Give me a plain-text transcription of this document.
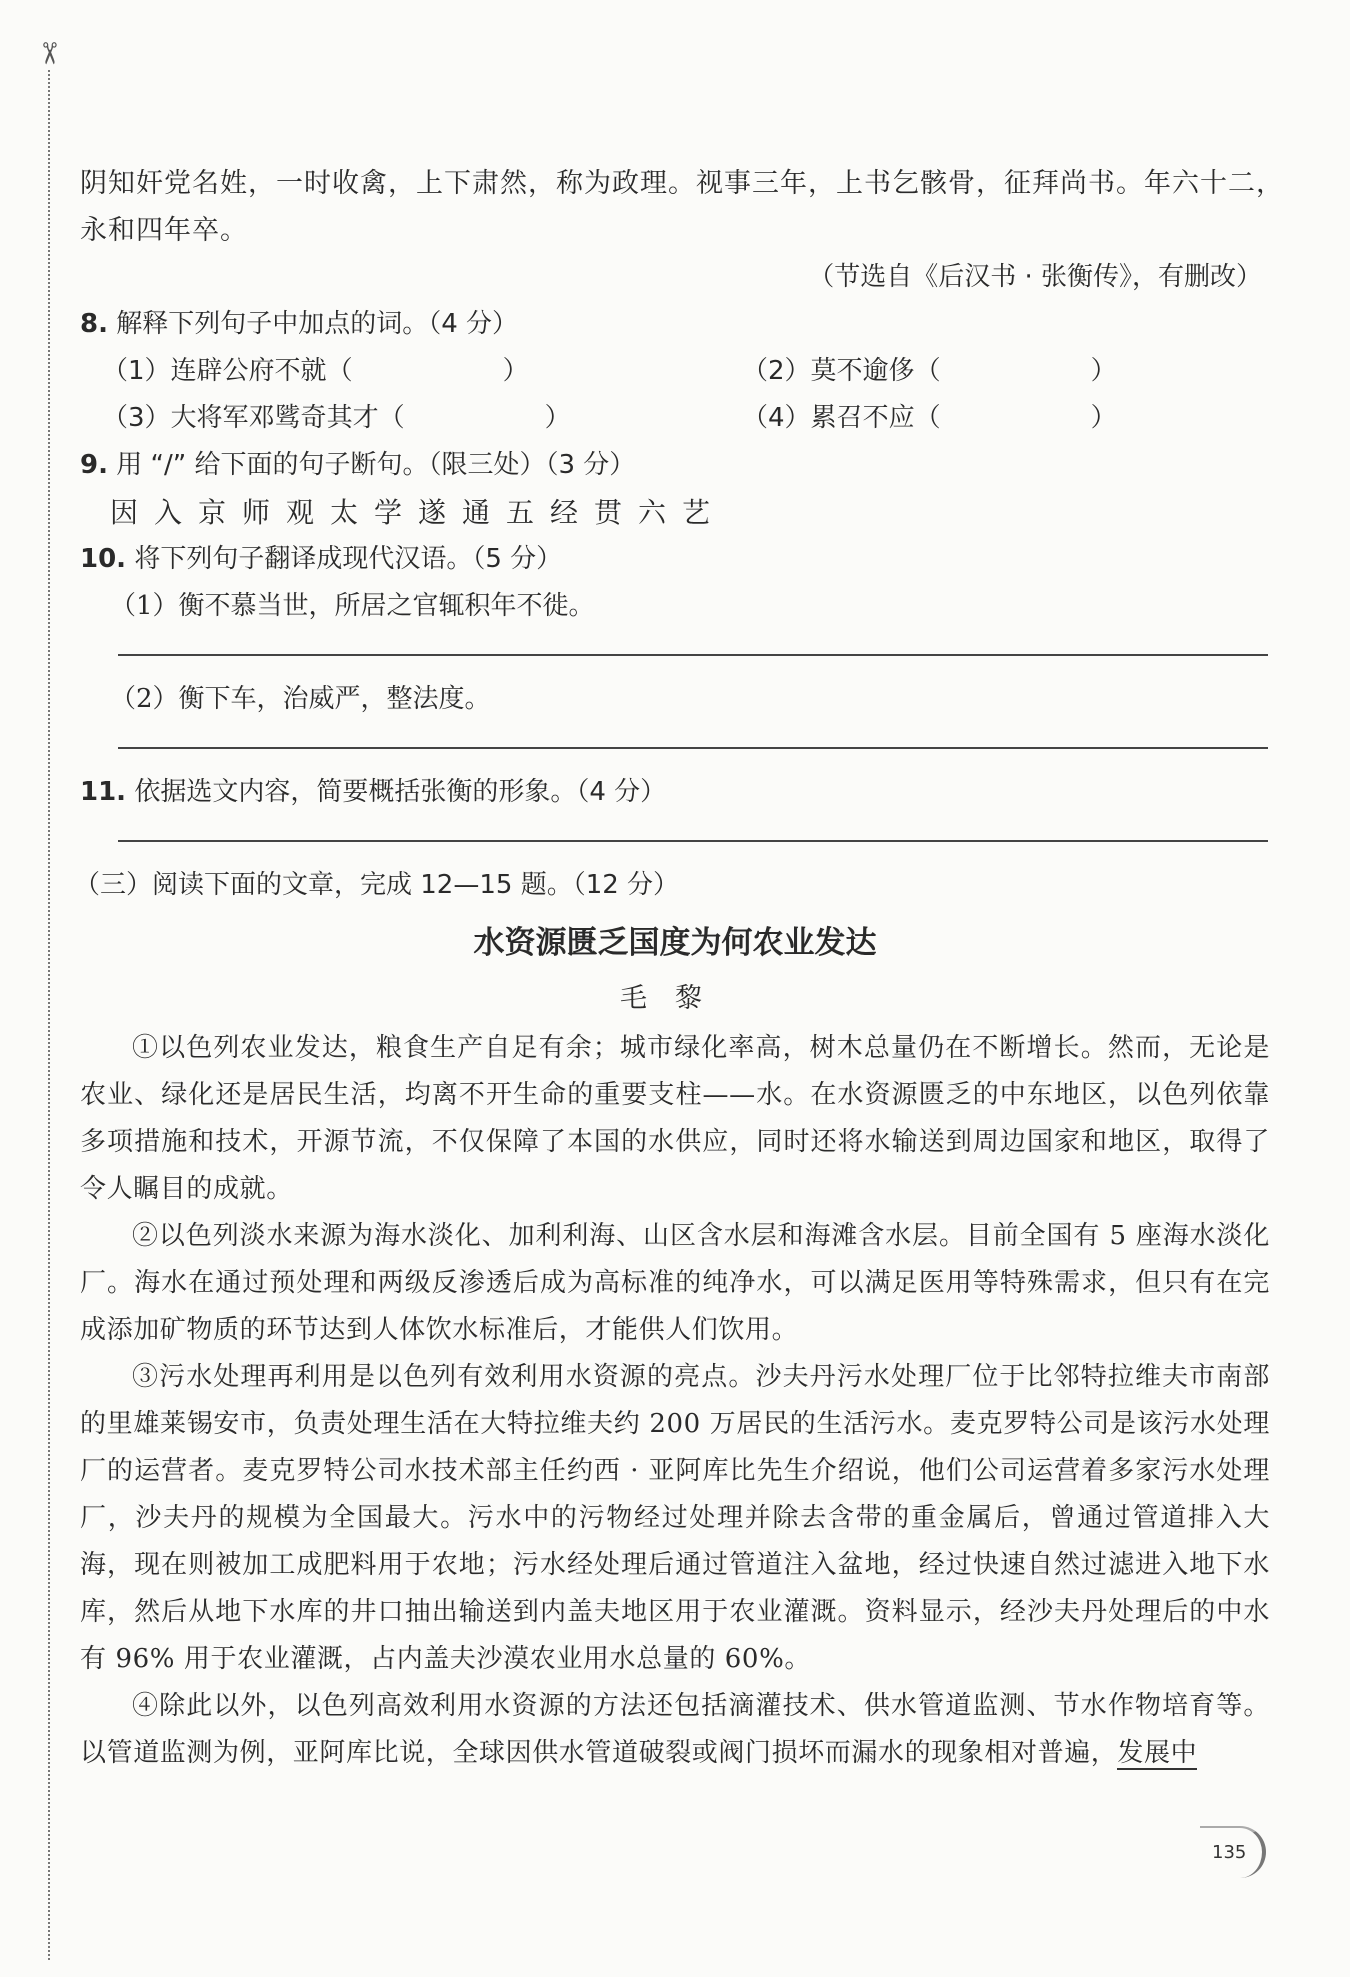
✂
阴知奸党名姓，一时收禽，上下肃然，称为政理。视事三年，上书乞骸骨，征拜尚书。年六十二，
永和四年卒。
（节选自《后汉书 · 张衡传》，有删改）
8. 解释下列句子中加点的词。（4 分）
（1）连辟公府不就（	）	（2）莫不逾侈（	）
（3）大将军邓骘奇其才（	）	（4）累召不应（	）
9. 用 “/” 给下面的句子断句。（限三处）（3 分）
因入京师观太学遂通五经贯六艺
10. 将下列句子翻译成现代汉语。（5 分）
（1）衡不慕当世，所居之官辄积年不徙。
（2）衡下车，治威严，整法度。
11. 依据选文内容，简要概括张衡的形象。（4 分）
（三）阅读下面的文章，完成 12—15 题。（12 分）
水资源匮乏国度为何农业发达
毛黎
①以色列农业发达，粮食生产自足有余；城市绿化率高，树木总量仍在不断增长。然而，无论是农业、绿化还是居民生活，均离不开生命的重要支柱——水。在水资源匮乏的中东地区，以色列依靠多项措施和技术，开源节流，不仅保障了本国的水供应，同时还将水输送到周边国家和地区，取得了令人瞩目的成就。
②以色列淡水来源为海水淡化、加利利海、山区含水层和海滩含水层。目前全国有 5 座海水淡化厂。海水在通过预处理和两级反渗透后成为高标准的纯净水，可以满足医用等特殊需求，但只有在完成添加矿物质的环节达到人体饮水标准后，才能供人们饮用。
③污水处理再利用是以色列有效利用水资源的亮点。沙夫丹污水处理厂位于比邻特拉维夫市南部的里雄莱锡安市，负责处理生活在大特拉维夫约 200 万居民的生活污水。麦克罗特公司是该污水处理厂的运营者。麦克罗特公司水技术部主任约西 · 亚阿库比先生介绍说，他们公司运营着多家污水处理厂，沙夫丹的规模为全国最大。污水中的污物经过处理并除去含带的重金属后，曾通过管道排入大海，现在则被加工成肥料用于农地；污水经处理后通过管道注入盆地，经过快速自然过滤进入地下水库，然后从地下水库的井口抽出输送到内盖夫地区用于农业灌溉。资料显示，经沙夫丹处理后的中水有 96% 用于农业灌溉，占内盖夫沙漠农业用水总量的 60%。
④除此以外，以色列高效利用水资源的方法还包括滴灌技术、供水管道监测、节水作物培育等。以管道监测为例，亚阿库比说，全球因供水管道破裂或阀门损坏而漏水的现象相对普遍，发展中
135
